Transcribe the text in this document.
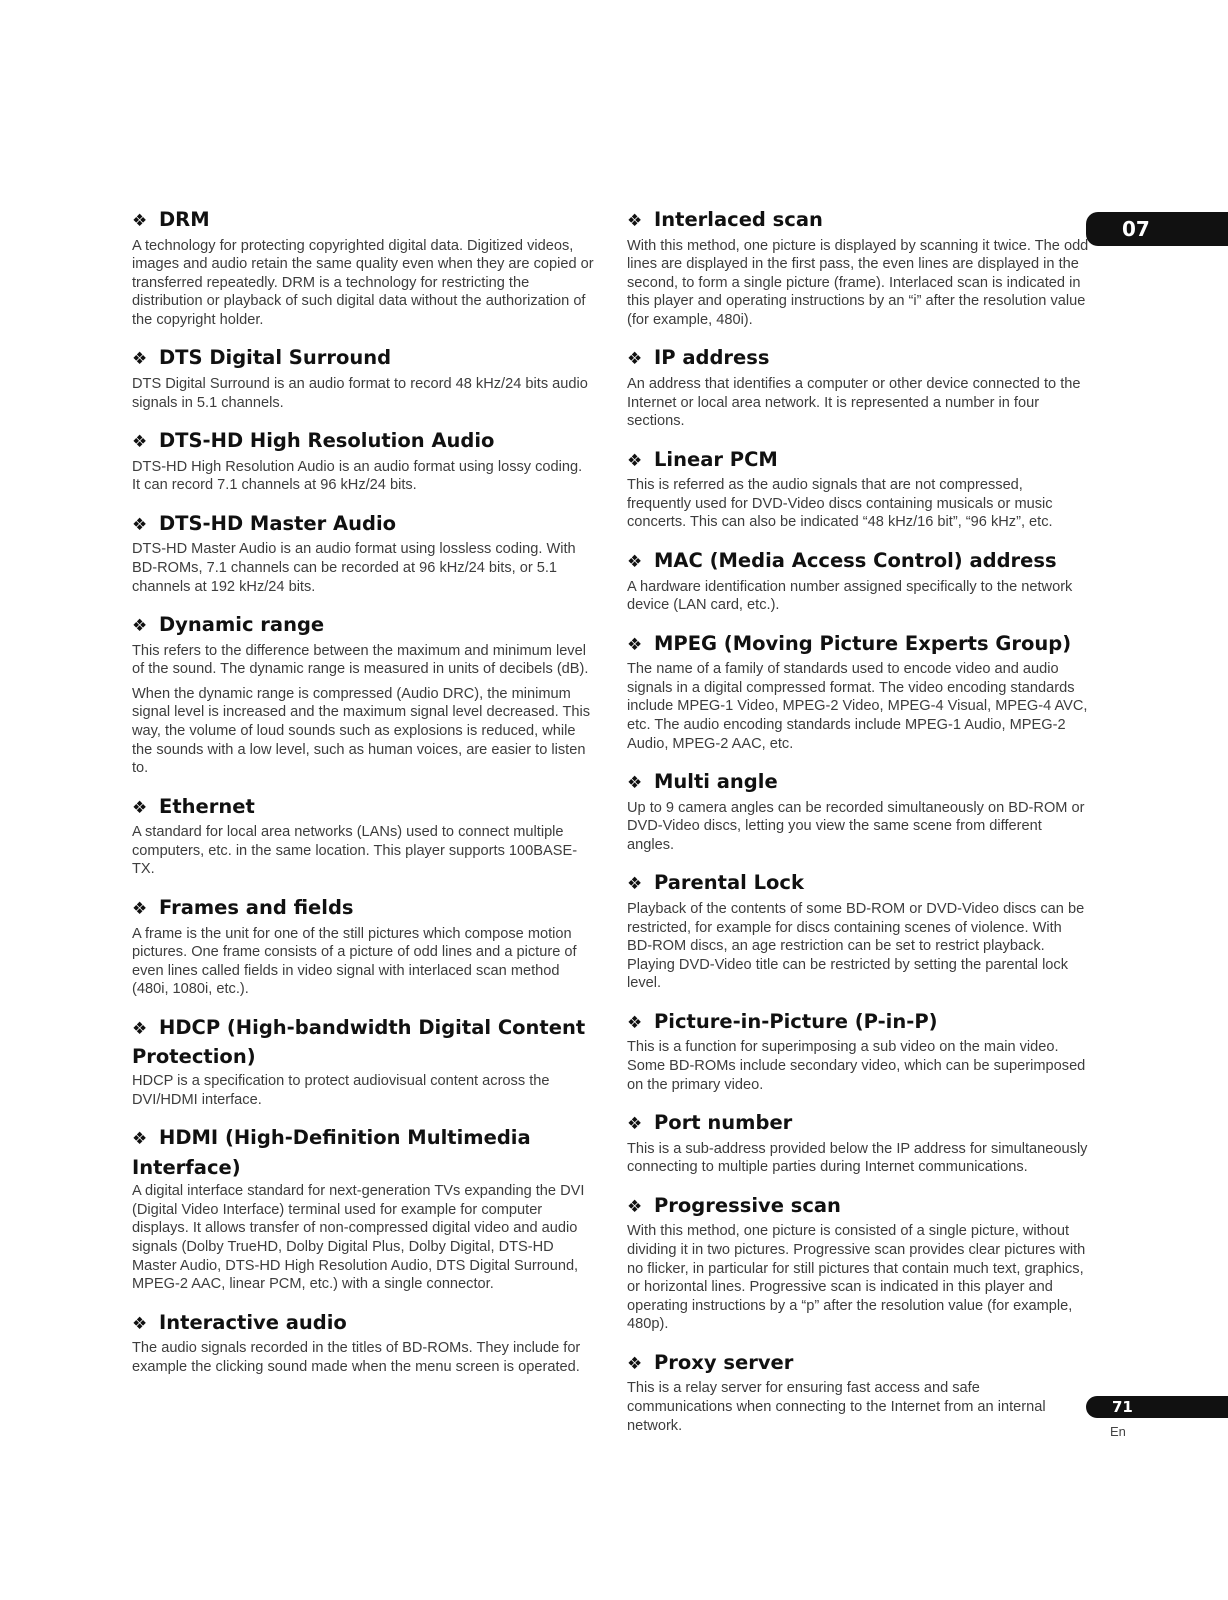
❖ DRM

A technology for protecting copyrighted digital data. Digitized videos, images and audio retain the same quality even when they are copied or transferred repeatedly. DRM is a technology for restricting the distribution or playback of such digital data without the authorization of the copyright holder.

❖ DTS Digital Surround

DTS Digital Surround is an audio format to record 48 kHz/24 bits audio signals in 5.1 channels.

❖ DTS-HD High Resolution Audio

DTS-HD High Resolution Audio is an audio format using lossy coding. It can record 7.1 channels at 96 kHz/24 bits.

❖ DTS-HD Master Audio

DTS-HD Master Audio is an audio format using lossless coding. With BD-ROMs, 7.1 channels can be recorded at 96 kHz/24 bits, or 5.1 channels at 192 kHz/24 bits.

❖ Dynamic range

This refers to the difference between the maximum and minimum level of the sound. The dynamic range is measured in units of decibels (dB).

When the dynamic range is compressed (Audio DRC), the minimum signal level is increased and the maximum signal level decreased. This way, the volume of loud sounds such as explosions is reduced, while the sounds with a low level, such as human voices, are easier to listen to.

❖ Ethernet

A standard for local area networks (LANs) used to connect multiple computers, etc. in the same location. This player supports 100BASE-TX.

❖ Frames and fields

A frame is the unit for one of the still pictures which compose motion pictures. One frame consists of a picture of odd lines and a picture of even lines called fields in video signal with interlaced scan method (480i, 1080i, etc.).

❖ HDCP (High-bandwidth Digital Content Protection)

HDCP is a specification to protect audiovisual content across the DVI/HDMI interface.

❖ HDMI (High-Definition Multimedia Interface)

A digital interface standard for next-generation TVs expanding the DVI (Digital Video Interface) terminal used for example for computer displays. It allows transfer of non-compressed digital video and audio signals (Dolby TrueHD, Dolby Digital Plus, Dolby Digital, DTS-HD Master Audio, DTS-HD High Resolution Audio, DTS Digital Surround, MPEG-2 AAC, linear PCM, etc.) with a single connector.

❖ Interactive audio

The audio signals recorded in the titles of BD-ROMs. They include for example the clicking sound made when the menu screen is operated.

❖ Interlaced scan

With this method, one picture is displayed by scanning it twice. The odd lines are displayed in the first pass, the even lines are displayed in the second, to form a single picture (frame). Interlaced scan is indicated in this player and operating instructions by an “i” after the resolution value (for example, 480i).

❖ IP address

An address that identifies a computer or other device connected to the Internet or local area network. It is represented a number in four sections.

❖ Linear PCM

This is referred as the audio signals that are not compressed, frequently used for DVD-Video discs containing musicals or music concerts. This can also be indicated “48 kHz/16 bit”, “96 kHz”, etc.

❖ MAC (Media Access Control) address

A hardware identification number assigned specifically to the network device (LAN card, etc.).

❖ MPEG (Moving Picture Experts Group)

The name of a family of standards used to encode video and audio signals in a digital compressed format. The video encoding standards include MPEG-1 Video, MPEG-2 Video, MPEG-4 Visual, MPEG-4 AVC, etc. The audio encoding standards include MPEG-1 Audio, MPEG-2 Audio, MPEG-2 AAC, etc.

❖ Multi angle

Up to 9 camera angles can be recorded simultaneously on BD-ROM or DVD-Video discs, letting you view the same scene from different angles.

❖ Parental Lock

Playback of the contents of some BD-ROM or DVD-Video discs can be restricted, for example for discs containing scenes of violence. With BD-ROM discs, an age restriction can be set to restrict playback. Playing DVD-Video title can be restricted by setting the parental lock level.

❖ Picture-in-Picture (P-in-P)

This is a function for superimposing a sub video on the main video. Some BD-ROMs include secondary video, which can be superimposed on the primary video.

❖ Port number

This is a sub-address provided below the IP address for simultaneously connecting to multiple parties during Internet communications.

❖ Progressive scan

With this method, one picture is consisted of a single picture, without dividing it in two pictures. Progressive scan provides clear pictures with no flicker, in particular for still pictures that contain much text, graphics, or horizontal lines. Progressive scan is indicated in this player and operating instructions by a “p” after the resolution value (for example, 480p).

❖ Proxy server

This is a relay server for ensuring fast access and safe communications when connecting to the Internet from an internal network.

07
71
En
